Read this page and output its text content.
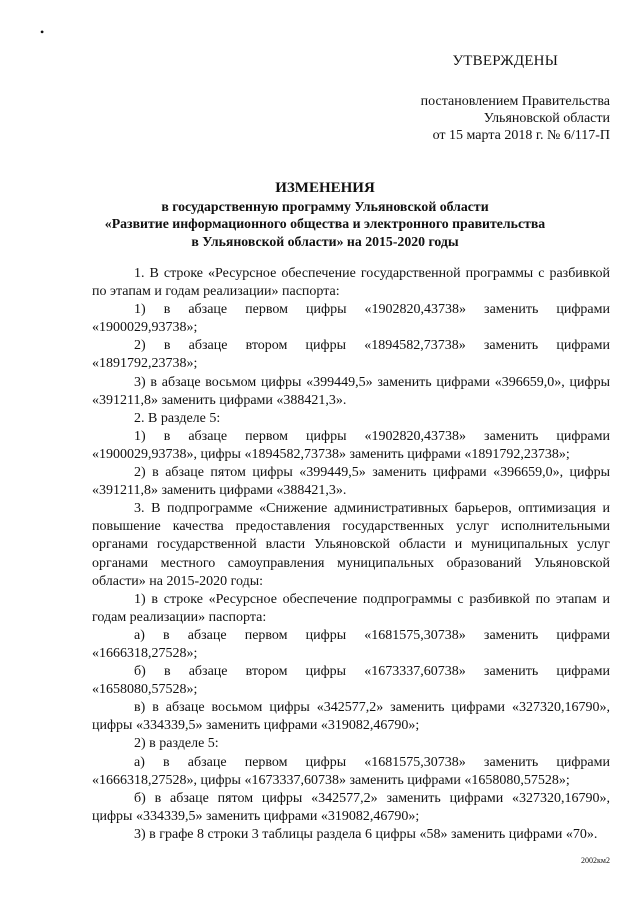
•
УТВЕРЖДЕНЫ
постановлением Правительства
Ульяновской области
от 15 марта 2018 г. № 6/117-П
ИЗМЕНЕНИЯ
в государственную программу Ульяновской области
«Развитие информационного общества и электронного правительства
в Ульяновской области» на 2015-2020 годы

1. В строке «Ресурсное обеспечение государственной программы с разбивкой по этапам и годам реализации» паспорта:

1) в абзаце первом цифры «1902820,43738» заменить цифрами «1900029,93738»;

2) в абзаце втором цифры «1894582,73738» заменить цифрами «1891792,23738»;

3) в абзаце восьмом цифры «399449,5» заменить цифрами «396659,0», цифры «391211,8» заменить цифрами «388421,3».

2. В разделе 5:

1) в абзаце первом цифры «1902820,43738» заменить цифрами «1900029,93738», цифры «1894582,73738» заменить цифрами «1891792,23738»;

2) в абзаце пятом цифры «399449,5» заменить цифрами «396659,0», цифры «391211,8» заменить цифрами «388421,3».

3. В подпрограмме «Снижение административных барьеров, оптимизация и повышение качества предоставления государственных услуг исполнительными органами государственной власти Ульяновской области и муниципальных услуг органами местного самоуправления муниципальных образований Ульяновской области» на 2015-2020 годы:

1) в строке «Ресурсное обеспечение подпрограммы с разбивкой по этапам и годам реализации» паспорта:

а) в абзаце первом цифры «1681575,30738» заменить цифрами «1666318,27528»;

б) в абзаце втором цифры «1673337,60738» заменить цифрами «1658080,57528»;

в) в абзаце восьмом цифры «342577,2» заменить цифрами «327320,16790», цифры «334339,5» заменить цифрами «319082,46790»;

2) в разделе 5:

а) в абзаце первом цифры «1681575,30738» заменить цифрами «1666318,27528», цифры «1673337,60738» заменить цифрами «1658080,57528»;

б) в абзаце пятом цифры «342577,2» заменить цифрами «327320,16790», цифры «334339,5» заменить цифрами «319082,46790»;

3) в графе 8 строки 3 таблицы раздела 6 цифры «58» заменить цифрами «70».

2002км2
